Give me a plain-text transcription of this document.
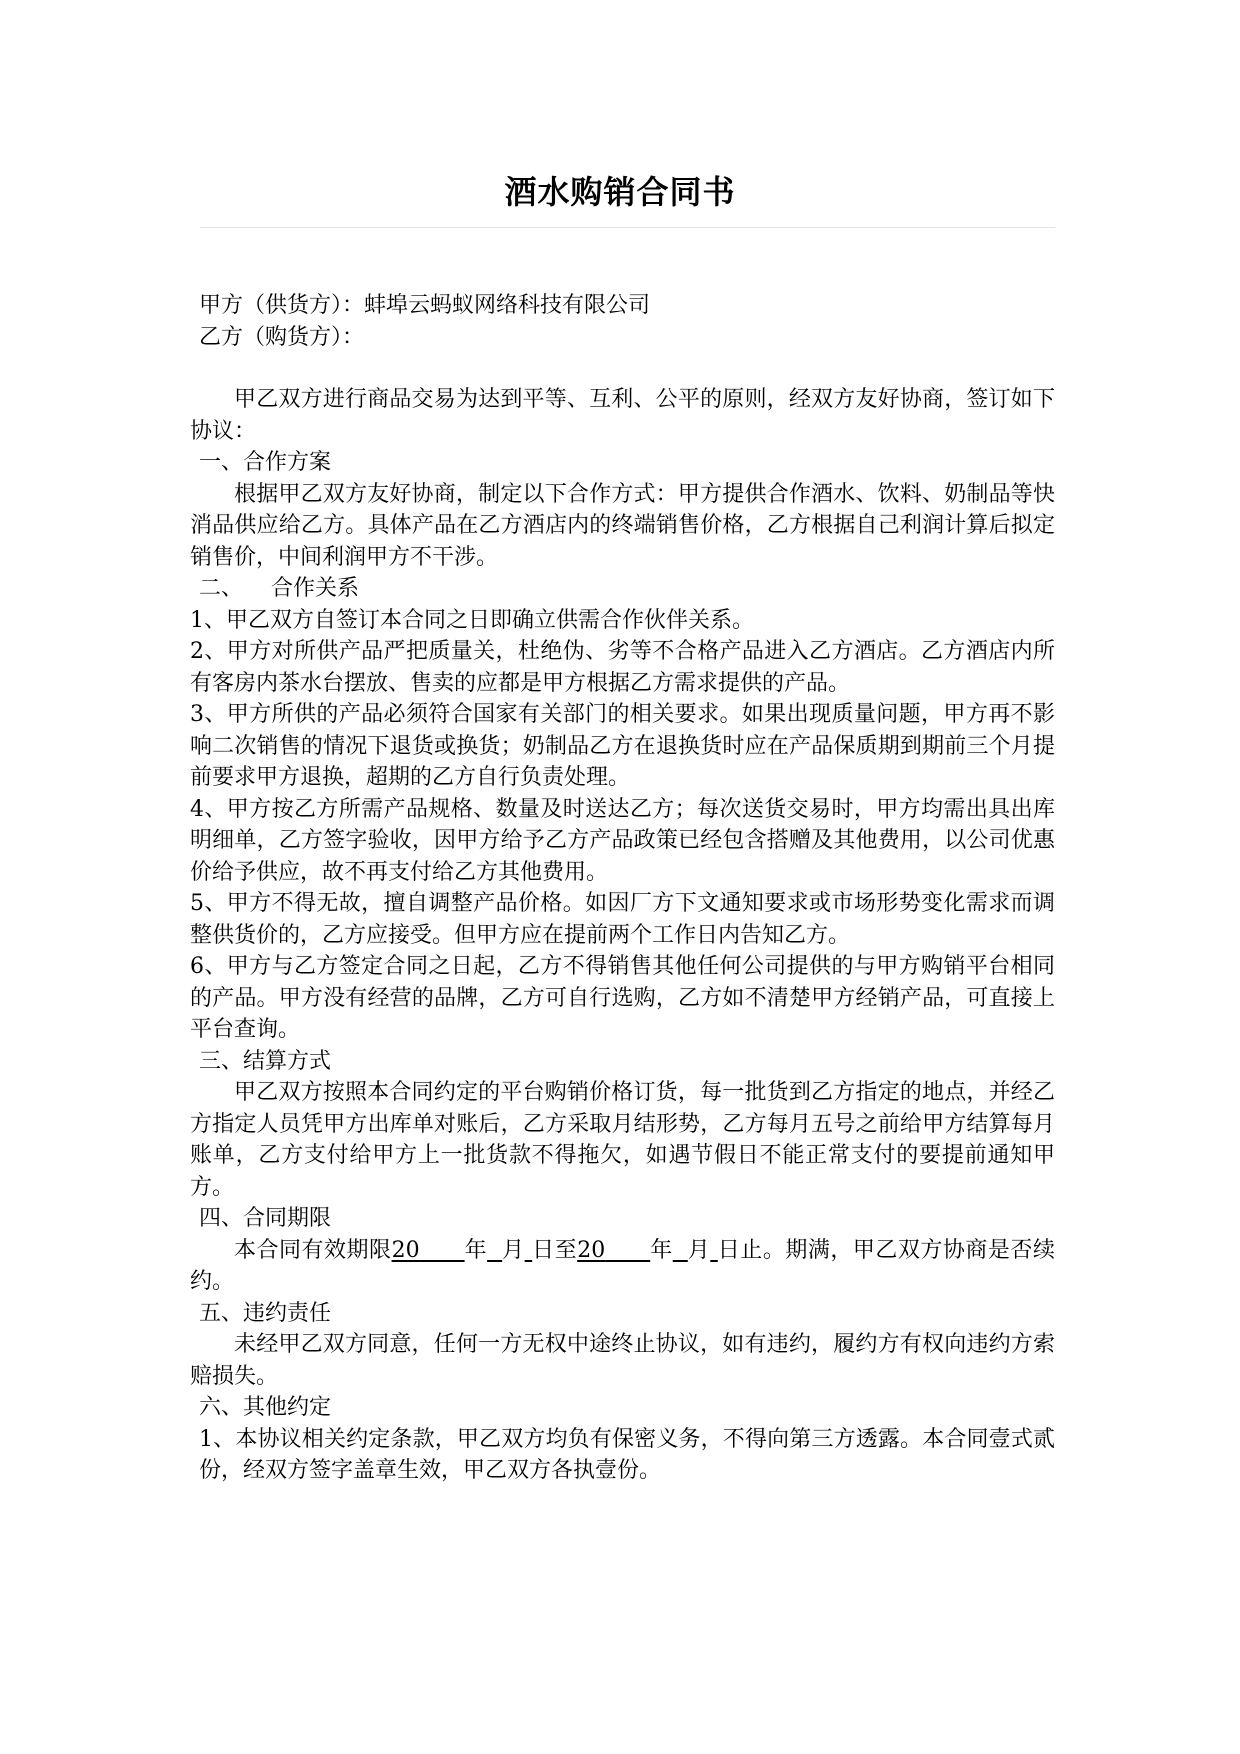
酒水购销合同书

甲方（供货方）：蚌埠云蚂蚁网络科技有限公司

乙方（购货方）：

甲乙双方进行商品交易为达到平等、互利、公平的原则，经双方友好协商，签订如下协议：

一、合作方案

根据甲乙双方友好协商，制定以下合作方式：甲方提供合作酒水、饮料、奶制品等快消品供应给乙方。具体产品在乙方酒店内的终端销售价格，乙方根据自己利润计算后拟定销售价，中间利润甲方不干涉。

二、    合作关系

1、甲乙双方自签订本合同之日即确立供需合作伙伴关系。

2、甲方对所供产品严把质量关，杜绝伪、劣等不合格产品进入乙方酒店。乙方酒店内所有客房内茶水台摆放、售卖的应都是甲方根据乙方需求提供的产品。

3、甲方所供的产品必须符合国家有关部门的相关要求。如果出现质量问题，甲方再不影响二次销售的情况下退货或换货；奶制品乙方在退换货时应在产品保质期到期前三个月提前要求甲方退换，超期的乙方自行负责处理。

4、甲方按乙方所需产品规格、数量及时送达乙方；每次送货交易时，甲方均需出具出库明细单，乙方签字验收，因甲方给予乙方产品政策已经包含搭赠及其他费用，以公司优惠价给予供应，故不再支付给乙方其他费用。

5、甲方不得无故，擅自调整产品价格。如因厂方下文通知要求或市场形势变化需求而调整供货价的，乙方应接受。但甲方应在提前两个工作日内告知乙方。

6、甲方与乙方签定合同之日起，乙方不得销售其他任何公司提供的与甲方购销平台相同的产品。甲方没有经营的品牌，乙方可自行选购，乙方如不清楚甲方经销产品，可直接上平台查询。

三、结算方式

甲乙双方按照本合同约定的平台购销价格订货，每一批货到乙方指定的地点，并经乙方指定人员凭甲方出库单对账后，乙方采取月结形势，乙方每月五号之前给甲方结算每月账单，乙方支付给甲方上一批货款不得拖欠，如遇节假日不能正常支付的要提前通知甲方。

四、合同期限

本合同有效期限20 年 月 日至20 年 月 日止。期满，甲乙双方协商是否续约。

五、违约责任

未经甲乙双方同意，任何一方无权中途终止协议，如有违约，履约方有权向违约方索赔损失。

六、其他约定

1、本协议相关约定条款，甲乙双方均负有保密义务，不得向第三方透露。本合同壹式贰份，经双方签字盖章生效，甲乙双方各执壹份。
